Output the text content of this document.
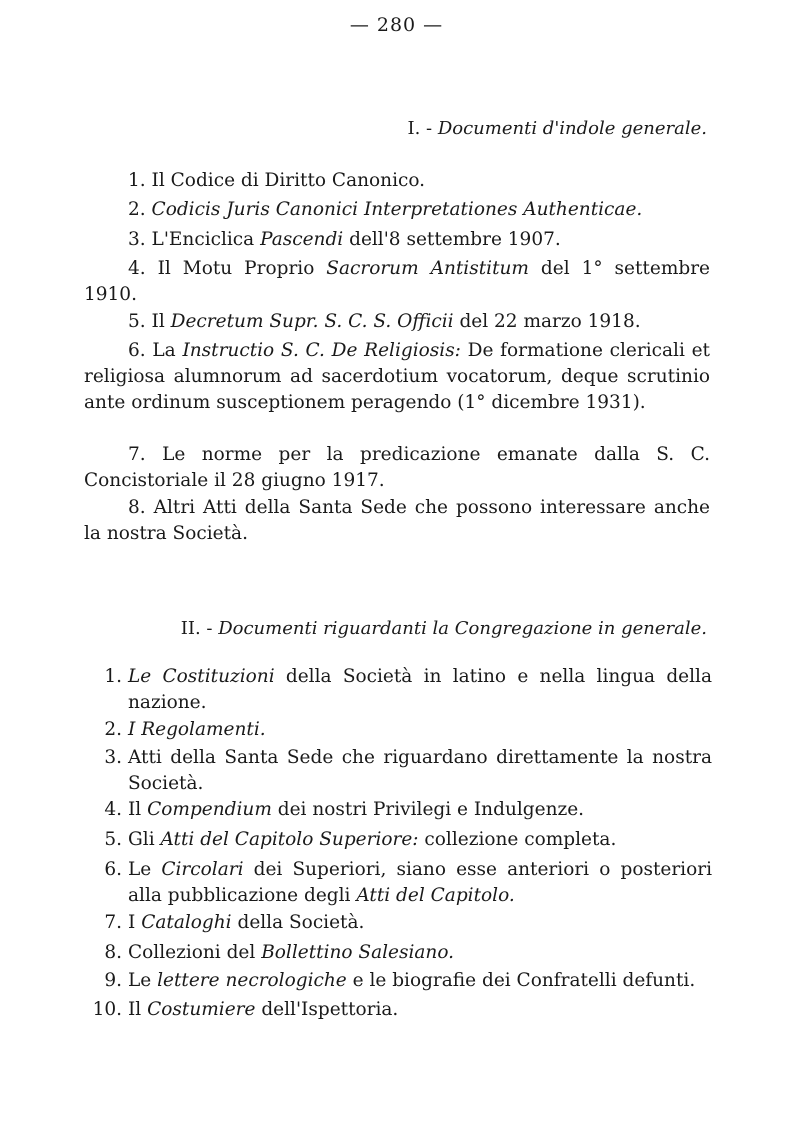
— 280 —
I. - Documenti d'indole generale.
1. Il Codice di Diritto Canonico.
2. Codicis Juris Canonici Interpretationes Authenticae.
3. L'Enciclica Pascendi dell'8 settembre 1907.
4. Il Motu Proprio Sacrorum Antistitum del 1° settembre 1910.
5. Il Decretum Supr. S. C. S. Officii del 22 marzo 1918.
6. La Instructio S. C. De Religiosis: De formatione clericali et religiosa alumnorum ad sacerdotium vocatorum, deque scrutinio ante ordinum susceptionem peragendo (1° dicembre 1931).
7. Le norme per la predicazione emanate dalla S. C. Concistoriale il 28 giugno 1917.
8. Altri Atti della Santa Sede che possono interessare anche la nostra Società.
II. - Documenti riguardanti la Congregazione in generale.
1. Le Costituzioni della Società in latino e nella lingua della nazione.
2. I Regolamenti.
3. Atti della Santa Sede che riguardano direttamente la nostra Società.
4. Il Compendium dei nostri Privilegi e Indulgenze.
5. Gli Atti del Capitolo Superiore: collezione completa.
6. Le Circolari dei Superiori, siano esse anteriori o posteriori alla pubblicazione degli Atti del Capitolo.
7. I Cataloghi della Società.
8. Collezioni del Bollettino Salesiano.
9. Le lettere necrologiche e le biografie dei Confratelli defunti.
10. Il Costumiere dell'Ispettoria.
